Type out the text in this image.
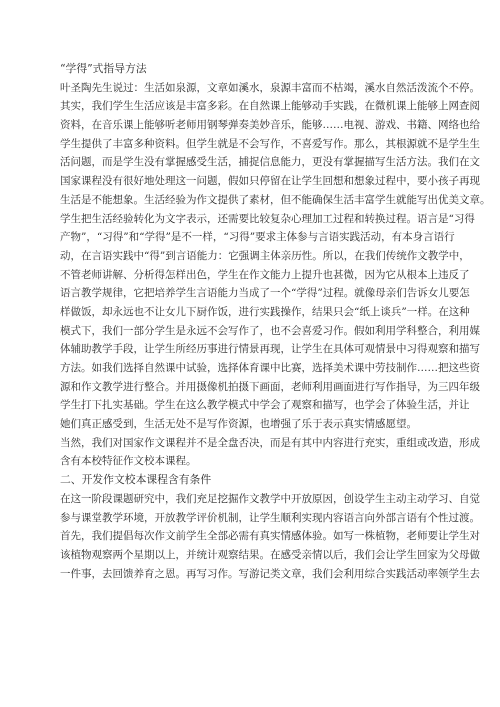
“学得”式指导方法
叶圣陶先生说过：生活如泉源，文章如溪水，泉源丰富而不枯竭，溪水自然活泼流个不停。
其实，我们学生生活应该是丰富多彩。在自然课上能够动手实践，在微机课上能够上网查阅
资料，在音乐课上能够听老师用钢琴弹奏美妙音乐，能够……电视、游戏、书籍、网络也给
学生提供了丰富多种资料。但学生就是不会写作，不喜爱写作。那么，其根源就不是学生生
活问题，而是学生没有掌握感受生活，捕捉信息能力，更没有掌握描写生活方法。我们在文
国家课程没有很好地处理这一问题，假如只停留在让学生回想和想象过程中，要小孩子再现
生活是不能想象。生活经验为作文提供了素材，但不能确保生活丰富学生就能写出优美文章。
学生把生活经验转化为文字表示，还需要比较复杂心理加工过程和转换过程。语言是“习得
产物”，“习得”和“学得”是不一样，“习得”要求主体参与言语实践活动，有本身言语行
动，在言语实践中“得”到言语能力：它强调主体亲历性。所以，在我们传统作文教学中，
不管老师讲解、分析得怎样出色，学生在作文能力上提升也甚微，因为它从根本上违反了
语言教学规律，它把培养学生言语能力当成了一个“学得”过程。就像母亲们告诉女儿要怎
样做饭，却永远也不让女儿下厨作饭，进行实践操作，结果只会“纸上谈兵”一样。在这种
模式下，我们一部分学生是永远不会写作了，也不会喜爱习作。假如利用学科整合，利用媒
体辅助教学手段，让学生所经历事进行情景再现，让学生在具体可观情景中习得观察和描写
方法。如我们选择自然课中试验，选择体育课中比赛，选择美术课中劳技制作……把这些资
源和作文教学进行整合。并用摄像机拍摄下画面，老师利用画面进行写作指导，为三四年级
学生打下扎实基础。学生在这么教学模式中学会了观察和描写，也学会了体验生活，并让
她们真正感受到，生活无处不是写作资源，也增强了乐于表示真实情感愿望。
当然，我们对国家作文课程并不是全盘否决，而是有其中内容进行充实，重组或改造，形成
含有本校特征作文校本课程。
二、开发作文校本课程含有条件
在这一阶段课题研究中，我们充足挖掘作文教学中开放原因，创设学生主动主动学习、自觉
参与课堂教学环境，开放教学评价机制，让学生顺利实现内容语言向外部言语有个性过渡。
首先，我们提倡每次作文前学生全部必需有真实情感体验。如写一株植物，老师要让学生对
该植物观察两个星期以上，并统计观察结果。在感受亲情以后，我们会让学生回家为父母做
一件事，去回馈养育之恩。再写习作。写游记类文章，我们会利用综合实践活动率领学生去
